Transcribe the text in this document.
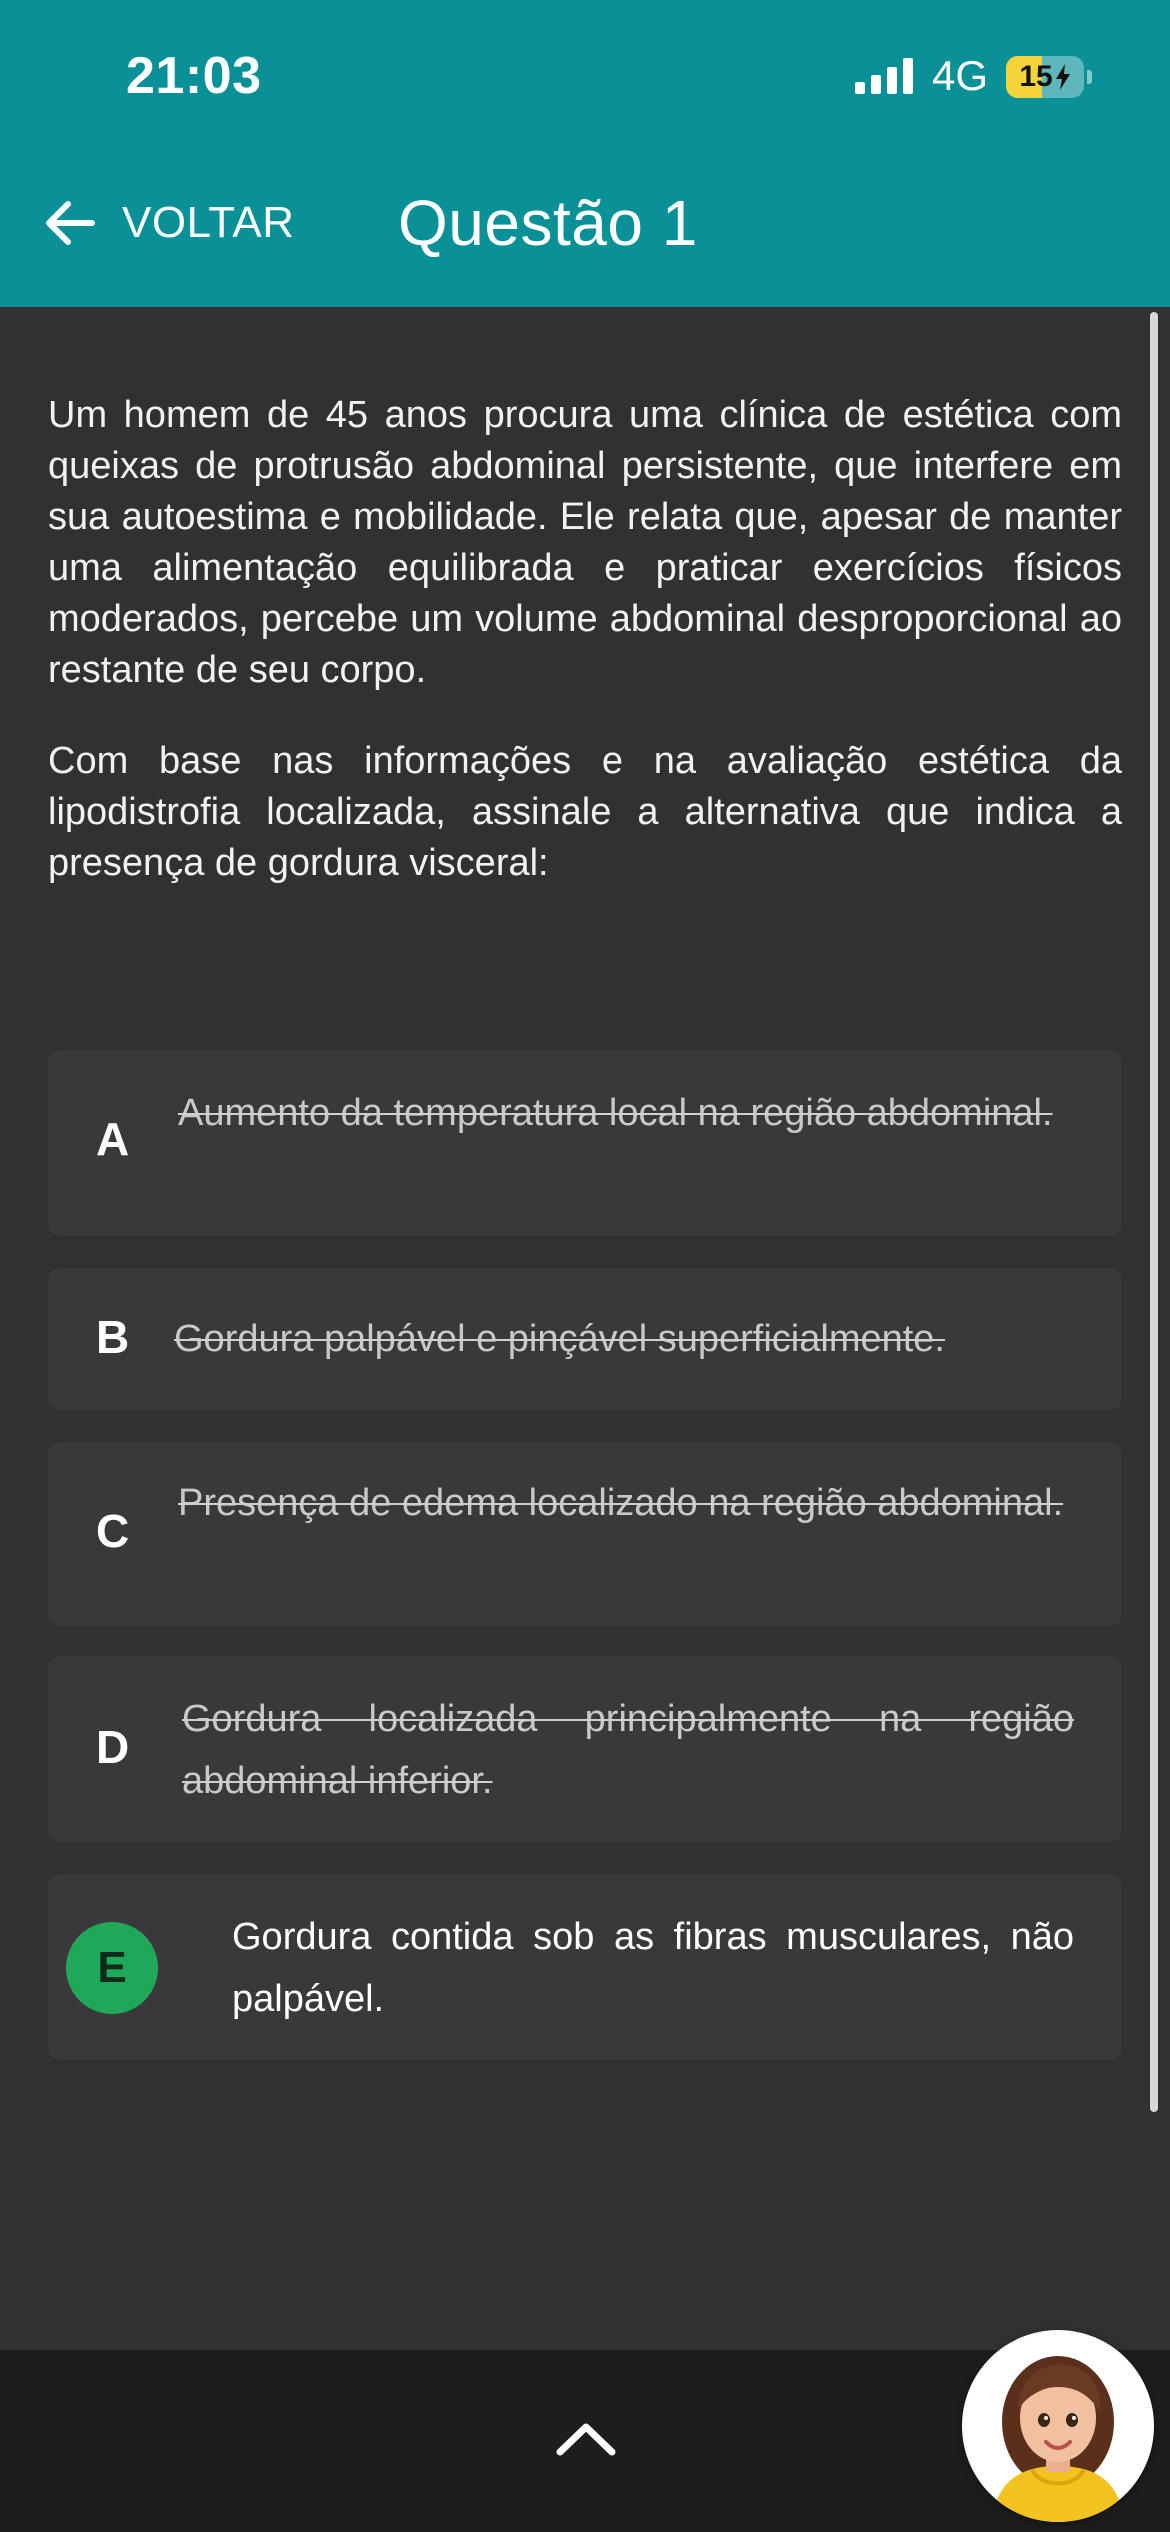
21:03	4G 15
VOLTAR Questão 1

Um homem de 45 anos procura uma clínica de estética com queixas de protrusão abdominal persistente, que interfere em sua autoestima e mobilidade. Ele relata que, apesar de manter uma alimentação equilibrada e praticar exercícios físicos moderados, percebe um volume abdominal desproporcional ao restante de seu corpo.

Com base nas informações e na avaliação estética da lipodistrofia localizada, assinale a alternativa que indica a presença de gordura visceral:

A	Aumento da temperatura local na região abdominal.
B	Gordura palpável e pinçável superficialmente.
C
Presença de edema localizado na região abdominal.
D
Gordura localizada principalmente na região abdominal inferior.
E
Gordura contida sob as fibras musculares, não palpável.
